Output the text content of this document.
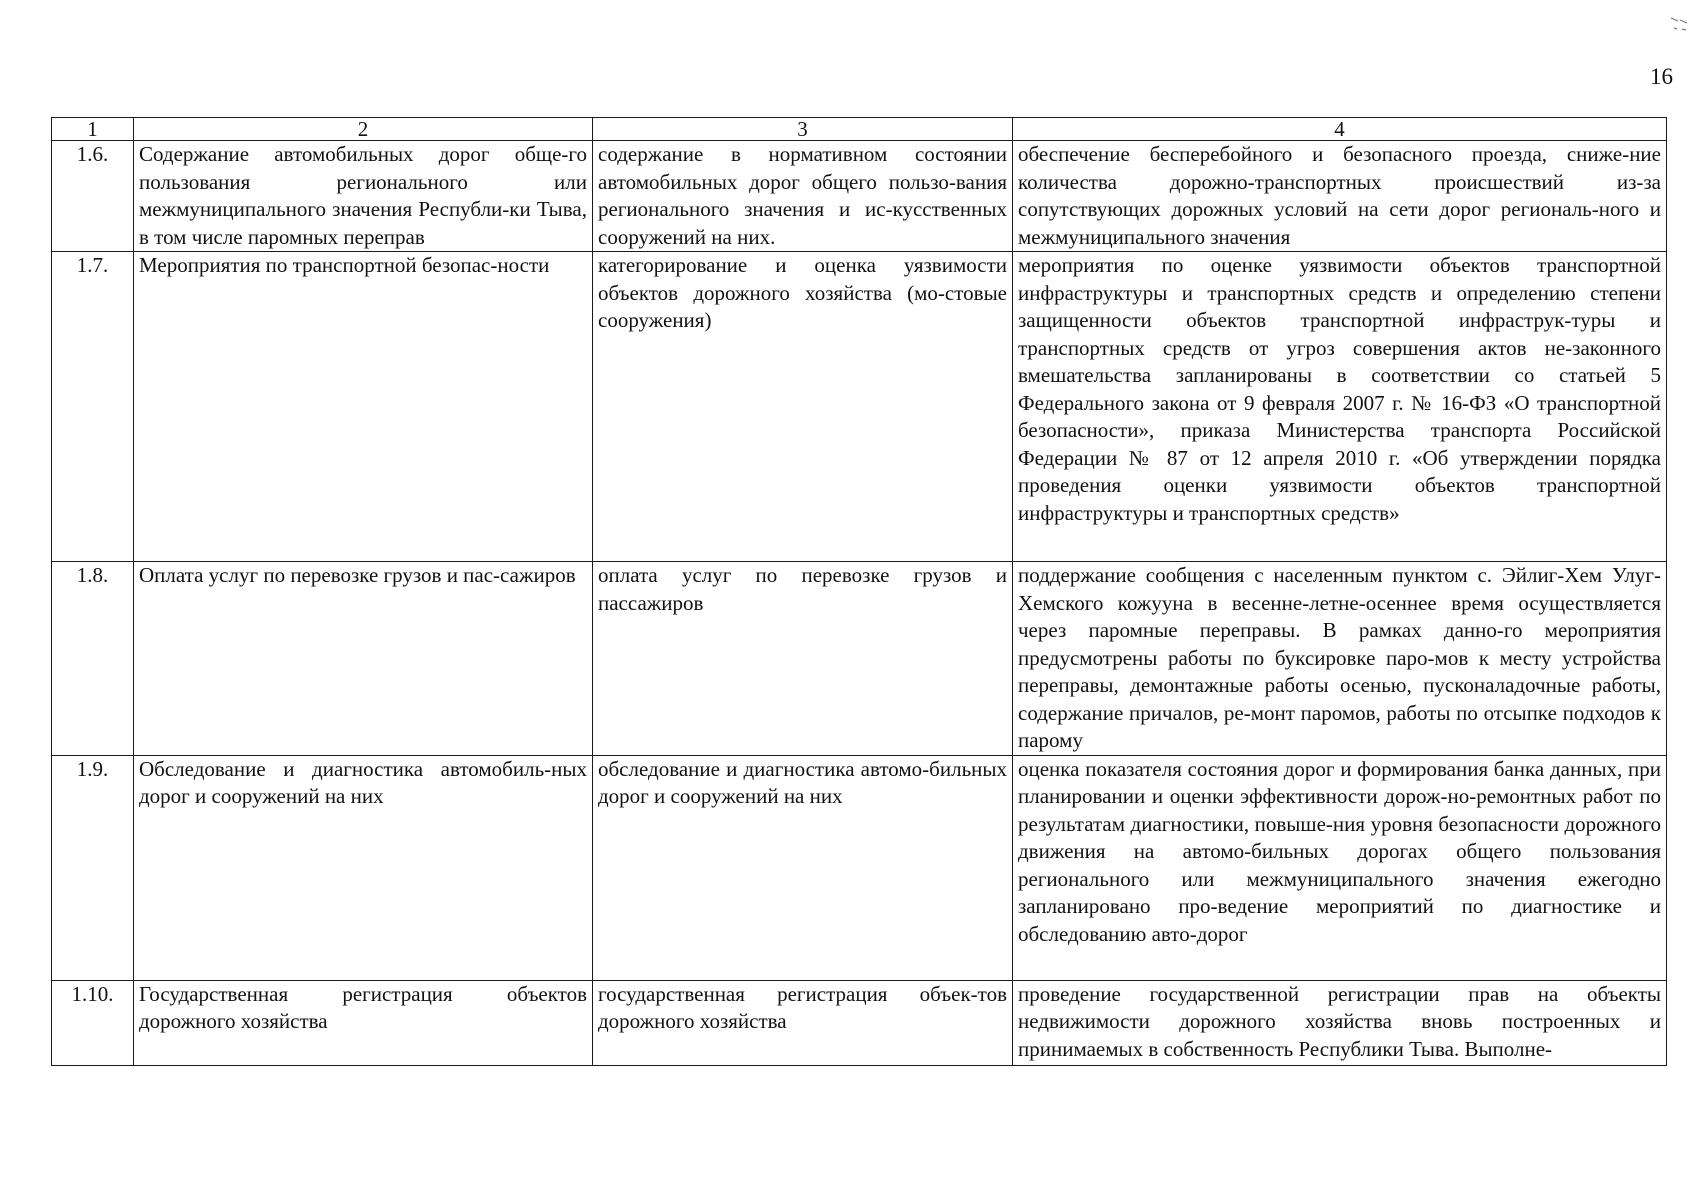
16
1	2	3	4
1.6.	Содержание автомобильных дорог обще-го пользования регионального или межмуниципального значения Республи-ки Тыва, в том числе паромных переправ	содержание в нормативном состоянии автомобильных дорог общего пользо-вания регионального значения и ис-кусственных сооружений на них.	обеспечение бесперебойного и безопасного проезда, сниже-ние количества дорожно-транспортных происшествий из-за сопутствующих дорожных условий на сети дорог региональ-ного и межмуниципального значения

1.7.	Мероприятия по транспортной безопас-ности	категорирование и оценка уязвимости объектов дорожного хозяйства (мо-стовые сооружения)	мероприятия по оценке уязвимости объектов транспортной инфраструктуры и транспортных средств и определению степени защищенности объектов транспортной инфраструк-туры и транспортных средств от угроз совершения актов не-законного вмешательства запланированы в соответствии со статьей 5 Федерального закона от 9 февраля 2007 г. № 16-ФЗ «О транспортной безопасности», приказа Министерства транспорта Российской Федерации № 87 от 12 апреля 2010 г. «Об утверждении порядка проведения оценки уязвимости объектов транспортной инфраструктуры и транспортных средств»

1.8.	Оплата услуг по перевозке грузов и пас-сажиров	оплата услуг по перевозке грузов и пассажиров	поддержание сообщения с населенным пунктом с. Эйлиг-Хем Улуг-Хемского кожууна в весенне-летне-осеннее время осуществляется через паромные переправы. В рамках данно-го мероприятия предусмотрены работы по буксировке паро-мов к месту устройства переправы, демонтажные работы осенью, пусконаладочные работы, содержание причалов, ре-монт паромов, работы по отсыпке подходов к парому

1.9.	Обследование и диагностика автомобиль-ных дорог и сооружений на них	обследование и диагностика автомо-бильных дорог и сооружений на них	оценка показателя состояния дорог и формирования банка данных, при планировании и оценки эффективности дорож-но-ремонтных работ по результатам диагностики, повыше-ния уровня безопасности дорожного движения на автомо-бильных дорогах общего пользования регионального или межмуниципального значения ежегодно запланировано про-ведение мероприятий по диагностике и обследованию авто-дорог

1.10.	Государственная регистрация объектов дорожного хозяйства	государственная регистрация объек-тов дорожного хозяйства	проведение государственной регистрации прав на объекты недвижимости дорожного хозяйства вновь построенных и принимаемых в собственность Республики Тыва. Выполне-
